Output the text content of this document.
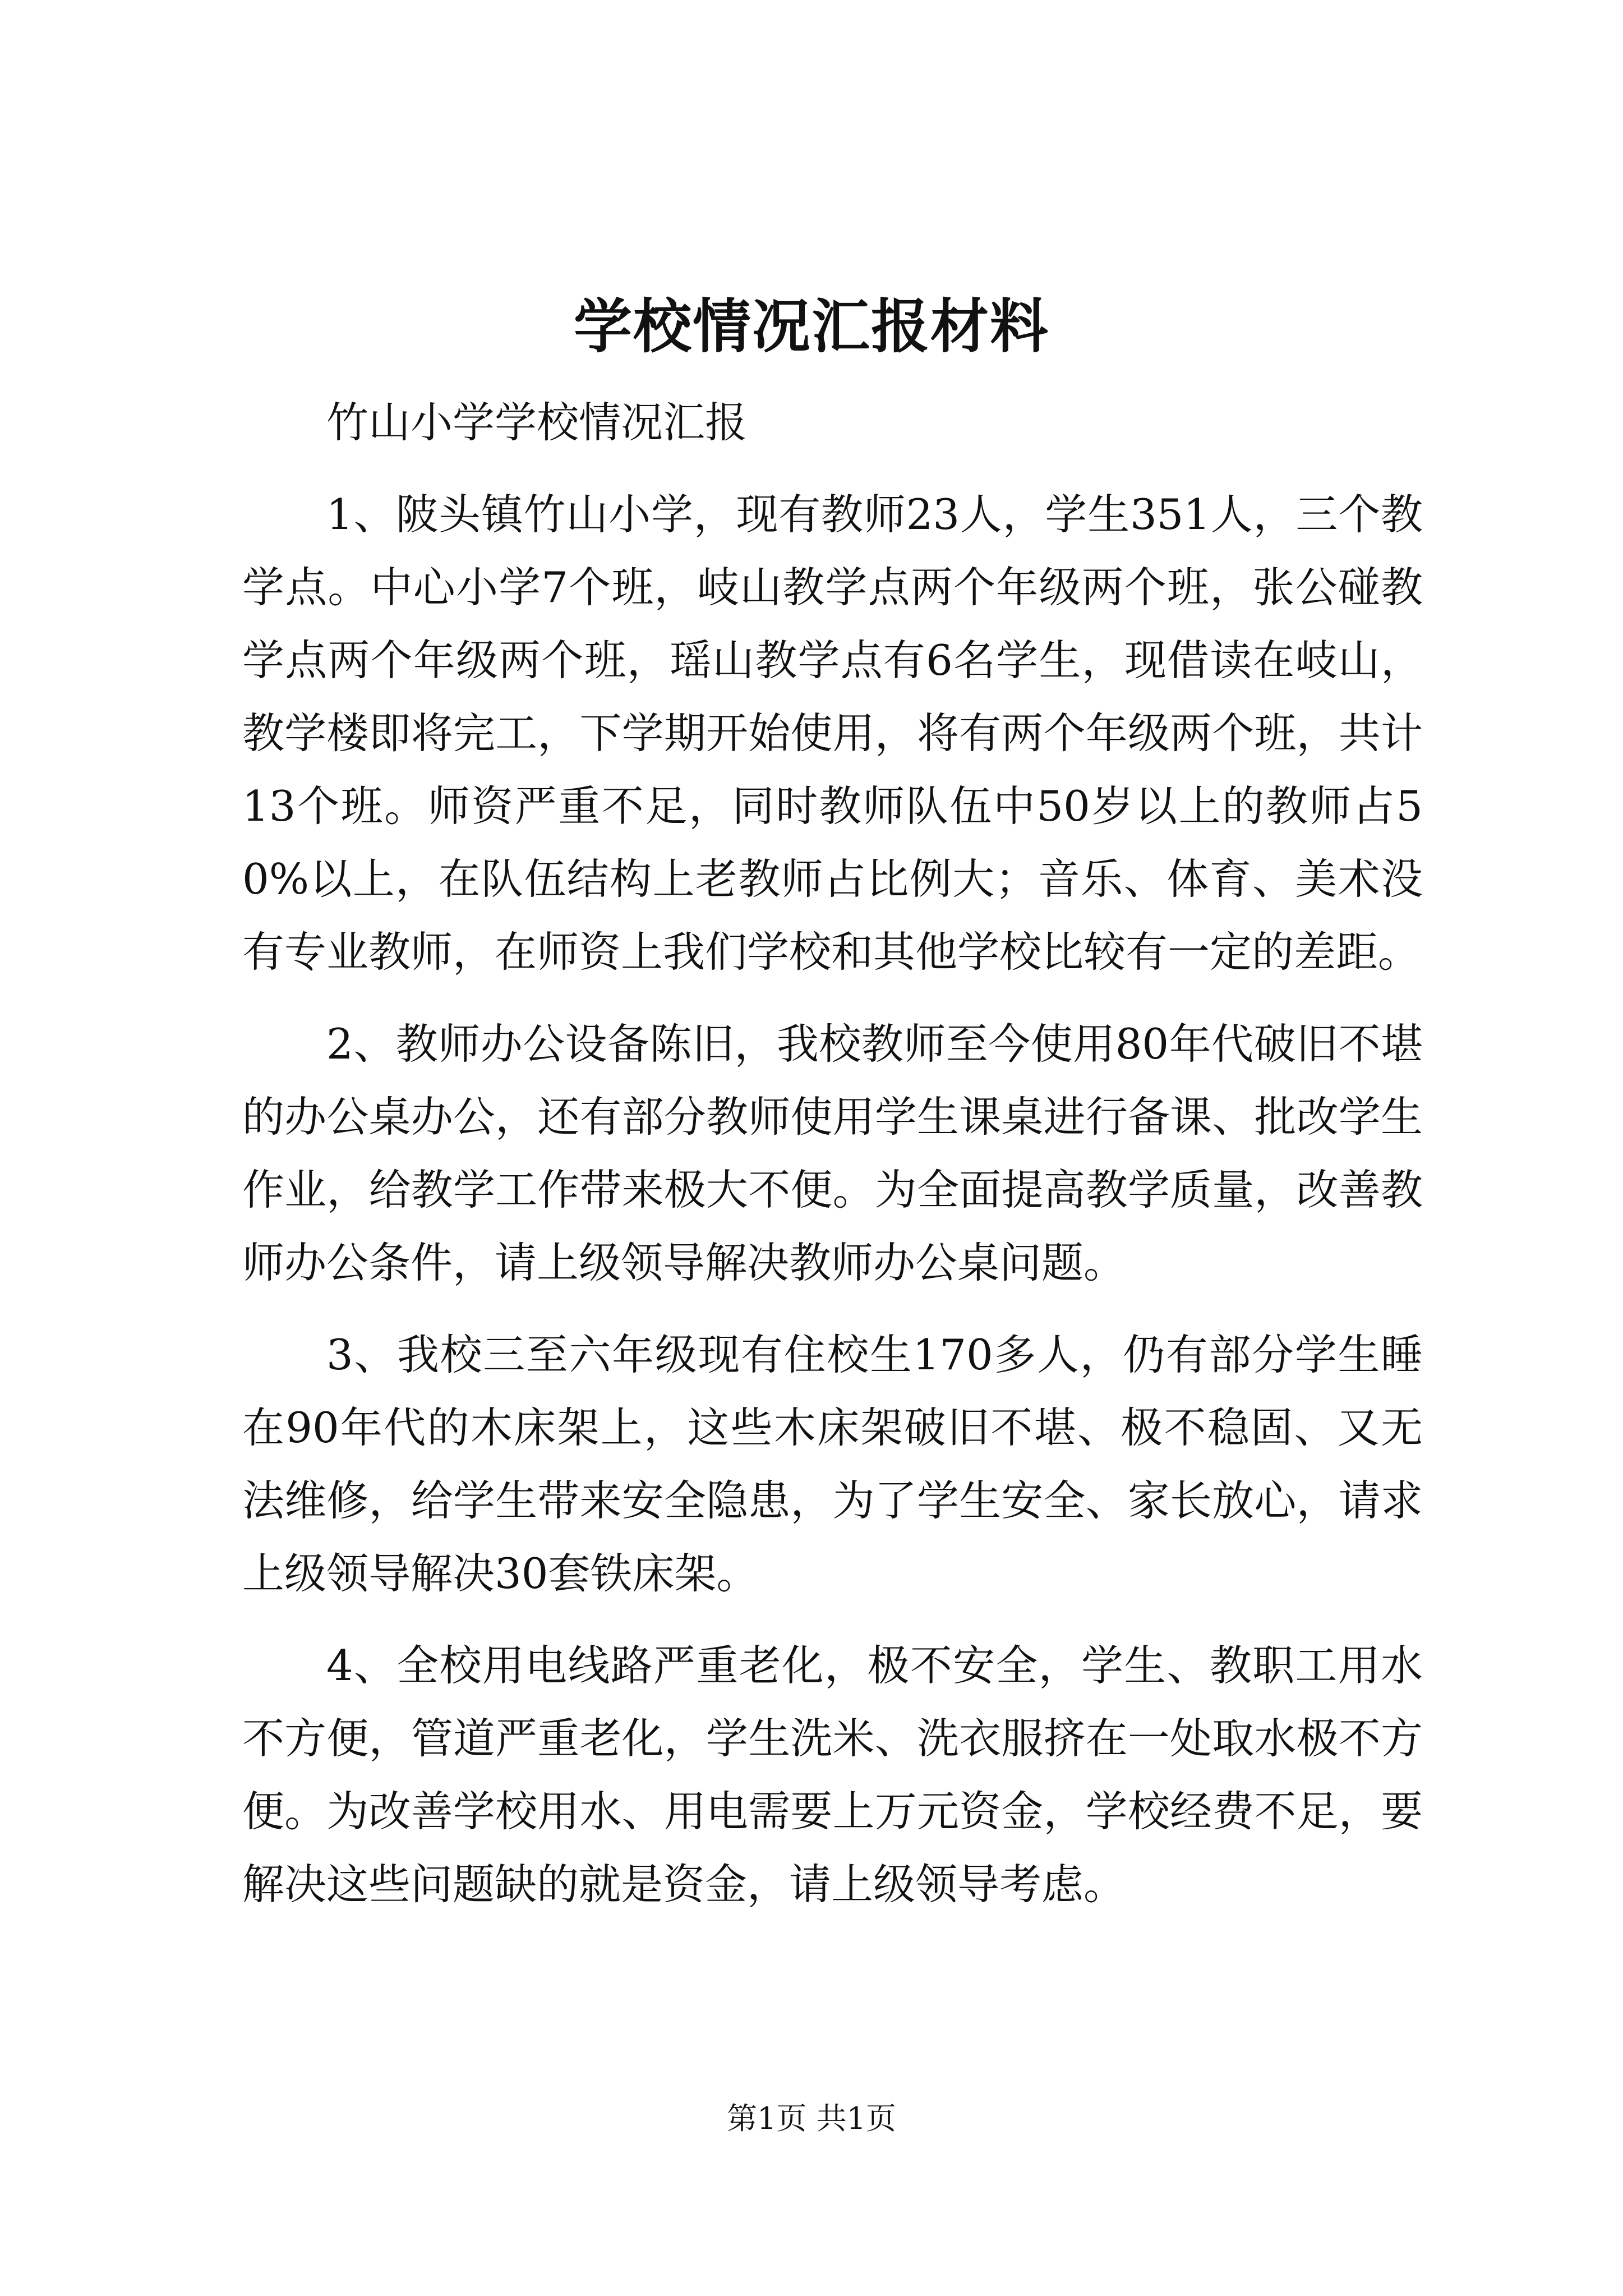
学校情况汇报材料

竹山小学学校情况汇报

1、陂头镇竹山小学，现有教师23人，学生351人，三个教学点。中心小学7个班，岐山教学点两个年级两个班，张公碰教学点两个年级两个班，瑶山教学点有6名学生，现借读在岐山，教学楼即将完工，下学期开始使用，将有两个年级两个班，共计13个班。师资严重不足，同时教师队伍中50岁以上的教师占50%以上，在队伍结构上老教师占比例大；音乐、体育、美术没有专业教师，在师资上我们学校和其他学校比较有一定的差距。

2、教师办公设备陈旧，我校教师至今使用80年代破旧不堪的办公桌办公，还有部分教师使用学生课桌进行备课、批改学生作业，给教学工作带来极大不便。为全面提高教学质量，改善教师办公条件，请上级领导解决教师办公桌问题。

3、我校三至六年级现有住校生170多人，仍有部分学生睡在90年代的木床架上，这些木床架破旧不堪、极不稳固、又无法维修，给学生带来安全隐患，为了学生安全、家长放心，请求上级领导解决30套铁床架。

4、全校用电线路严重老化，极不安全，学生、教职工用水不方便，管道严重老化，学生洗米、洗衣服挤在一处取水极不方便。为改善学校用水、用电需要上万元资金，学校经费不足，要解决这些问题缺的就是资金，请上级领导考虑。

第1页 共1页
